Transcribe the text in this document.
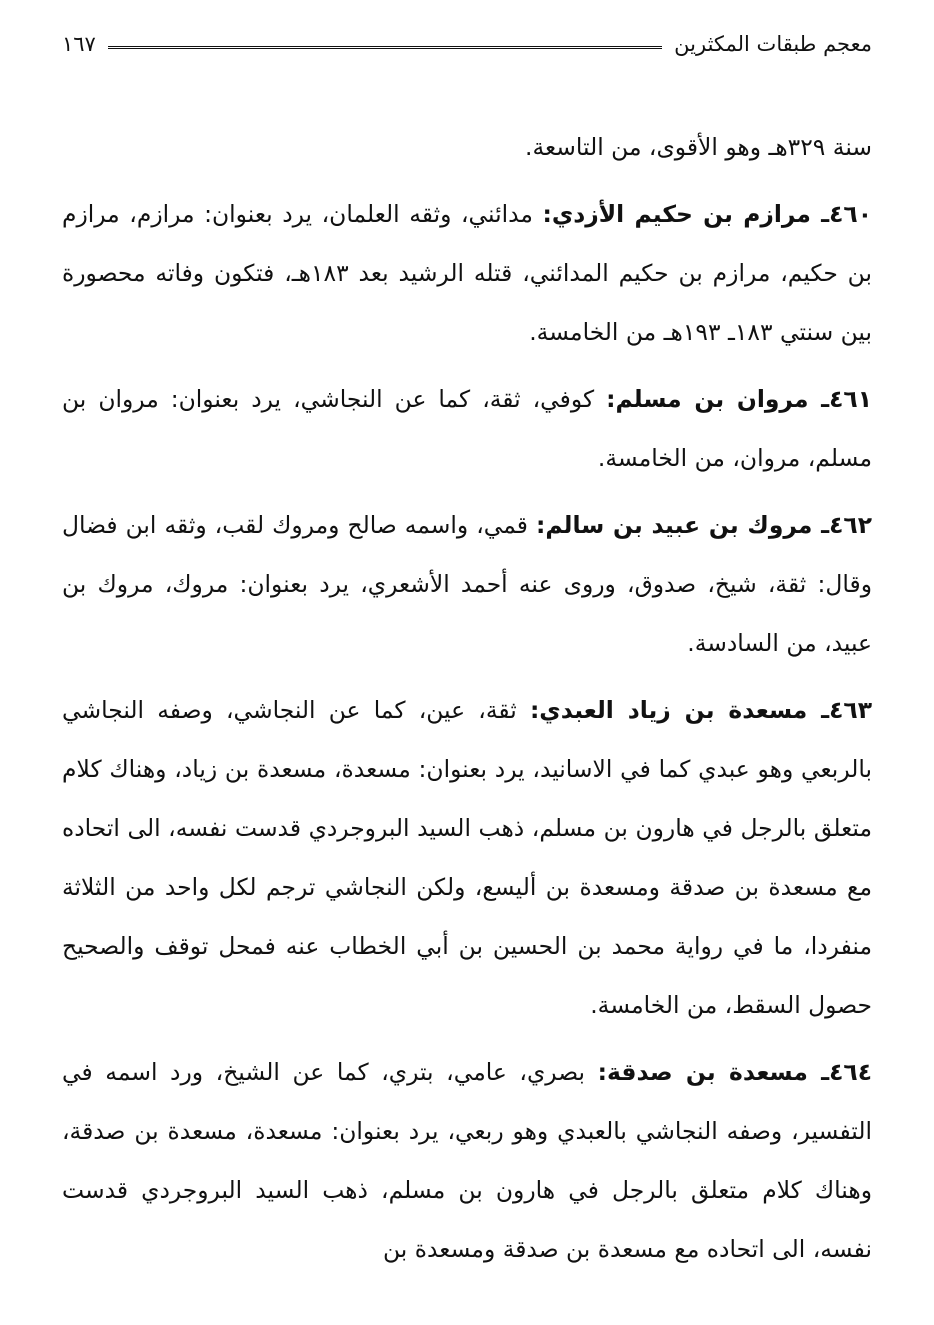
معجم طبقات المكثرين
١٦٧

سنة ٣٢٩هـ وهو الأقوى، من التاسعة.

٤٦٠ـ مرازم بن حكيم الأزدي: مدائني، وثقه العلمان، يرد بعنوان: مرازم، مرازم بن حكيم، مرازم بن حكيم المدائني، قتله الرشيد بعد ١٨٣هـ، فتكون وفاته محصورة بين سنتي ١٨٣ـ ١٩٣هـ من الخامسة.

٤٦١ـ مروان بن مسلم: كوفي، ثقة، كما عن النجاشي، يرد بعنوان: مروان بن مسلم، مروان، من الخامسة.

٤٦٢ـ مروك بن عبيد بن سالم: قمي، واسمه صالح ومروك لقب، وثقه ابن فضال وقال: ثقة، شيخ، صدوق، وروى عنه أحمد الأشعري، يرد بعنوان: مروك، مروك بن عبيد، من السادسة.

٤٦٣ـ مسعدة بن زياد العبدي: ثقة، عين، كما عن النجاشي، وصفه النجاشي بالربعي وهو عبدي كما في الاسانيد، يرد بعنوان: مسعدة، مسعدة بن زياد، وهناك كلام متعلق بالرجل في هارون بن مسلم، ذهب السيد البروجردي قدست نفسه، الى اتحاده مع مسعدة بن صدقة ومسعدة بن أليسع، ولكن النجاشي ترجم لكل واحد من الثلاثة منفردا، ما في رواية محمد بن الحسين بن أبي الخطاب عنه فمحل توقف والصحيح حصول السقط، من الخامسة.

٤٦٤ـ مسعدة بن صدقة: بصري، عامي، بتري، كما عن الشيخ، ورد اسمه في التفسير، وصفه النجاشي بالعبدي وهو ربعي، يرد بعنوان: مسعدة، مسعدة بن صدقة، وهناك كلام متعلق بالرجل في هارون بن مسلم، ذهب السيد البروجردي قدست نفسه، الى اتحاده مع مسعدة بن صدقة ومسعدة بن
